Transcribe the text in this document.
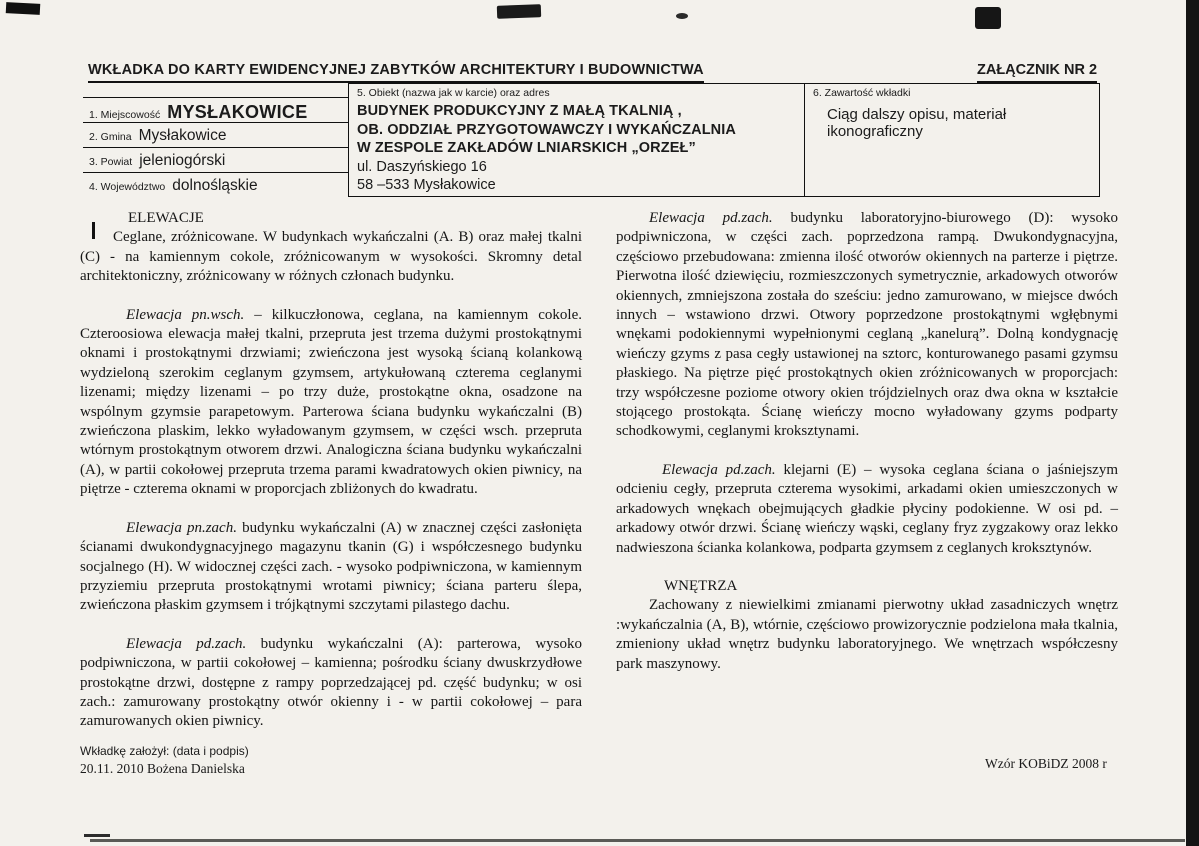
WKŁADKA DO KARTY EWIDENCYJNEJ ZABYTKÓW ARCHITEKTURY I BUDOWNICTWA	ZAŁĄCZNIK NR 2
1. Miejscowość MYSŁAKOWICE
2. Gmina Mysłakowice
3. Powiat jeleniogórski
4. Województwo dolnośląskie
5. Obiekt (nazwa jak w karcie) oraz adres
BUDYNEK PRODUKCYJNY Z MAŁĄ TKALNIĄ ,
OB. ODDZIAŁ PRZYGOTOWAWCZY I WYKAŃCZALNIA
W ZESPOLE ZAKŁADÓW LNIARSKICH „ORZEŁ”
ul. Daszyńskiego 16
58 –533 Mysłakowice
6. Zawartość wkładki
Ciąg dalszy opisu, materiał ikonograficzny

ELEWACJE

Ceglane, zróżnicowane. W budynkach wykańczalni (A. B) oraz małej tkalni (C) - na kamiennym cokole, zróżnicowanym w wysokości. Skromny detal architektoniczny, zróżnicowany w różnych członach budynku.

Elewacja pn.wsch. – kilkuczłonowa, ceglana, na kamiennym cokole. Czteroosiowa elewacja małej tkalni, przepruta jest trzema dużymi prostokątnymi oknami i prostokątnymi drzwiami; zwieńczona jest wysoką ścianą kolankową wydzieloną szerokim ceglanym gzymsem, artykułowaną czterema ceglanymi lizenami; między lizenami – po trzy duże, prostokątne okna, osadzone na wspólnym gzymsie parapetowym. Parterowa ściana budynku wykańczalni (B) zwieńczona plaskim, lekko wyładowanym gzymsem, w części wsch. przepruta wtórnym prostokątnym otworem drzwi. Analogiczna ściana budynku wykańczalni (A), w partii cokołowej przepruta trzema parami kwadratowych okien piwnicy, na piętrze - czterema oknami w proporcjach zbliżonych do kwadratu.

Elewacja pn.zach. budynku wykańczalni (A) w znacznej części zasłonięta ścianami dwukondygnacyjnego magazynu tkanin (G) i współczesnego budynku socjalnego (H). W widocznej części zach. - wysoko podpiwniczona, w kamiennym przyziemiu przepruta prostokątnymi wrotami piwnicy; ściana parteru ślepa, zwieńczona płaskim gzymsem i trójkątnymi szczytami pilastego dachu.

Elewacja pd.zach. budynku wykańczalni (A): parterowa, wysoko podpiwniczona, w partii cokołowej – kamienna; pośrodku ściany dwuskrzydłowe prostokątne drzwi, dostępne z rampy poprzedzającej pd. część budynku; w osi zach.: zamurowany prostokątny otwór okienny i - w partii cokołowej – para zamurowanych okien piwnicy.

Elewacja pd.zach. budynku laboratoryjno-biurowego (D): wysoko podpiwniczona, w części zach. poprzedzona rampą. Dwukondygnacyjna, częściowo przebudowana: zmienna ilość otworów okiennych na parterze i piętrze. Pierwotna ilość dziewięciu, rozmieszczonych symetrycznie, arkadowych otworów okiennych, zmniejszona została do sześciu: jedno zamurowano, w miejsce dwóch innych – wstawiono drzwi. Otwory poprzedzone prostokątnymi wgłębnymi wnękami podokiennymi wypełnionymi ceglaną „kanelurą”. Dolną kondygnację wieńczy gzyms z pasa cegły ustawionej na sztorc, konturowanego pasami gzymsu płaskiego. Na piętrze pięć prostokątnych okien zróżnicowanych w proporcjach: trzy współczesne poziome otwory okien trójdzielnych oraz dwa okna w kształcie stojącego prostokąta. Ścianę wieńczy mocno wyładowany gzyms podparty schodkowymi, ceglanymi kroksztynami.

Elewacja pd.zach. klejarni (E) – wysoka ceglana ściana o jaśniejszym odcieniu cegły, przepruta czterema wysokimi, arkadami okien umieszczonych w arkadowych wnękach obejmujących gładkie płyciny podokienne. W osi pd. – arkadowy otwór drzwi. Ścianę wieńczy wąski, ceglany fryz zygzakowy oraz lekko nadwieszona ścianka kolankowa, podparta gzymsem z ceglanych kroksztynów.

WNĘTRZA

Zachowany z niewielkimi zmianami pierwotny układ zasadniczych wnętrz :wykańczalnia (A, B), wtórnie, częściowo prowizorycznie podzielona mała tkalnia, zmieniony układ wnętrz budynku laboratoryjnego. We wnętrzach współczesny park maszynowy.

Wkładkę założył: (data i podpis)
20.11. 2010 Bożena Danielska	Wzór KOBiDZ 2008 r
